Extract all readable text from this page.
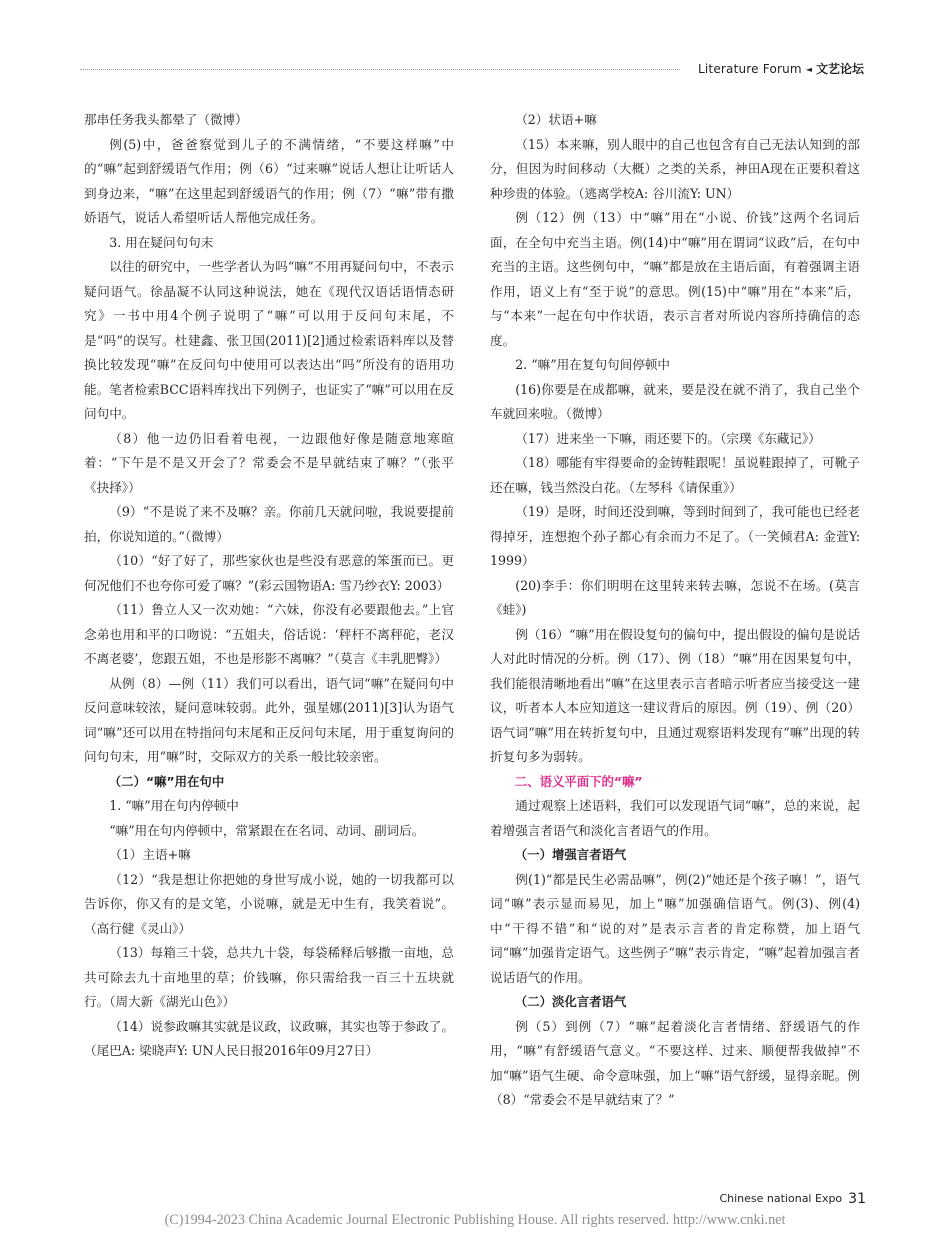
Literature Forum ◄ 文艺论坛

那串任务我头都晕了（微博）

例(5)中，爸爸察觉到儿子的不满情绪，“不要这样嘛”中的“嘛”起到舒缓语气作用；例（6）“过来嘛”说话人想让让听话人到身边来，“嘛”在这里起到舒缓语气的作用；例（7）“嘛”带有撒娇语气，说话人希望听话人帮他完成任务。

3. 用在疑问句句末

以往的研究中，一些学者认为吗“嘛”不用再疑问句中，不表示疑问语气。徐晶凝不认同这种说法，她在《现代汉语话语情态研究》一书中用4个例子说明了“嘛”可以用于反问句末尾，不是“吗”的误写。杜建鑫、张卫国(2011)[2]通过检索语料库以及替换比较发现“嘛”在反问句中使用可以表达出“吗”所没有的语用功能。笔者检索BCC语料库找出下列例子，也证实了“嘛”可以用在反问句中。

（8）他一边仍旧看着电视，一边跟他好像是随意地寒暄着：“下午是不是又开会了？常委会不是早就结束了嘛？”（张平《抉择》）

（9）“不是说了来不及嘛？亲。你前几天就问啦，我说要提前拍，你说知道的。”（微博）

（10）“好了好了，那些家伙也是些没有恶意的笨蛋而已。更何况他们不也夸你可爱了嘛？”(彩云国物语A: 雪乃纱衣Y: 2003）

（11）鲁立人又一次劝她：“六妹，你没有必要跟他去。”上官念弟也用和平的口吻说：“五姐夫，俗话说：‘秤杆不离秤砣，老汉不离老婆’，您跟五姐，不也是形影不离嘛？”（莫言《丰乳肥臀》）

从例（8）—例（11）我们可以看出，语气词“嘛”在疑问句中反问意味较浓，疑问意味较弱。此外，强星娜(2011)[3]认为语气词“嘛”还可以用在特指问句末尾和正反问句末尾，用于重复询问的问句句末，用“嘛”时，交际双方的关系一般比较亲密。

（二）“嘛”用在句中

1. “嘛”用在句内停顿中

“嘛”用在句内停顿中，常紧跟在在名词、动词、副词后。

（1）主语+嘛

（12）“我是想让你把她的身世写成小说，她的一切我都可以告诉你，你又有的是文笔，小说嘛，就是无中生有，我笑着说”。（高行健《灵山》）

（13）每箱三十袋，总共九十袋，每袋稀释后够撒一亩地，总共可除去九十亩地里的草；价钱嘛，你只需给我一百三十五块就行。（周大新《湖光山色》）

（14）说参政嘛其实就是议政，议政嘛，其实也等于参政了。（尾巴A: 梁晓声Y: UN人民日报2016年09月27日）

（2）状语+嘛

（15）本来嘛，别人眼中的自己也包含有自己无法认知到的部分，但因为时间移动（大概）之类的关系，神田A现在正要积着这种珍贵的体验。（逃离学校A: 谷川流Y: UN）

例（12）例（13）中“嘛”用在“小说、价钱”这两个名词后面，在全句中充当主语。例(14)中“嘛”用在谓词“议政”后，在句中充当的主语。这些例句中，“嘛”都是放在主语后面，有着强调主语作用，语义上有“至于说”的意思。例(15)中“嘛”用在“本来”后，与“本来”一起在句中作状语，表示言者对所说内容所持确信的态度。

2. “嘛”用在复句句间停顿中

(16)你要是在成都嘛，就来，要是没在就不消了，我自己坐个车就回来啦。（微博）

（17）进来坐一下嘛，雨还要下的。（宗璞《东藏记》）

（18）哪能有牢得要命的金铸鞋跟呢！虽说鞋跟掉了，可靴子还在嘛，钱当然没白花。（左琴科《请保重》）

（19）是呀，时间还没到嘛，等到时间到了，我可能也已经老得掉牙，连想抱个孙子都心有余而力不足了。（一笑倾君A: 金萱Y: 1999）

(20)李手：你们明明在这里转来转去嘛，怎说不在场。(莫言《蛙》)

例（16）“嘛”用在假设复句的偏句中，提出假设的偏句是说话人对此时情况的分析。例（17）、例（18）“嘛”用在因果复句中，我们能很清晰地看出“嘛”在这里表示言者暗示听者应当接受这一建议，听者本人本应知道这一建议背后的原因。例（19）、例（20）语气词“嘛”用在转折复句中，且通过观察语料发现有“嘛”出现的转折复句多为弱转。

二、语义平面下的“嘛”

通过观察上述语料，我们可以发现语气词“嘛”，总的来说，起着增强言者语气和淡化言者语气的作用。

（一）增强言者语气

例(1)“都是民生必需品嘛”，例(2)“她还是个孩子嘛！”，语气词“嘛”表示显而易见，加上“嘛”加强确信语气。例(3)、例(4)中“干得不错”和“说的对”是表示言者的肯定称赞，加上语气词“嘛”加强肯定语气。这些例子“嘛”表示肯定，“嘛”起着加强言者说话语气的作用。

（二）淡化言者语气

例（5）到例（7）“嘛”起着淡化言者情绪、舒缓语气的作用，“嘛”有舒缓语气意义。“不要这样、过来、顺便帮我做掉”不加“嘛”语气生硬、命令意味强，加上“嘛”语气舒缓，显得亲昵。例（8）“常委会不是早就结束了？”

Chinese national Expo 31
(C)1994-2023 China Academic Journal Electronic Publishing House. All rights reserved. http://www.cnki.net
